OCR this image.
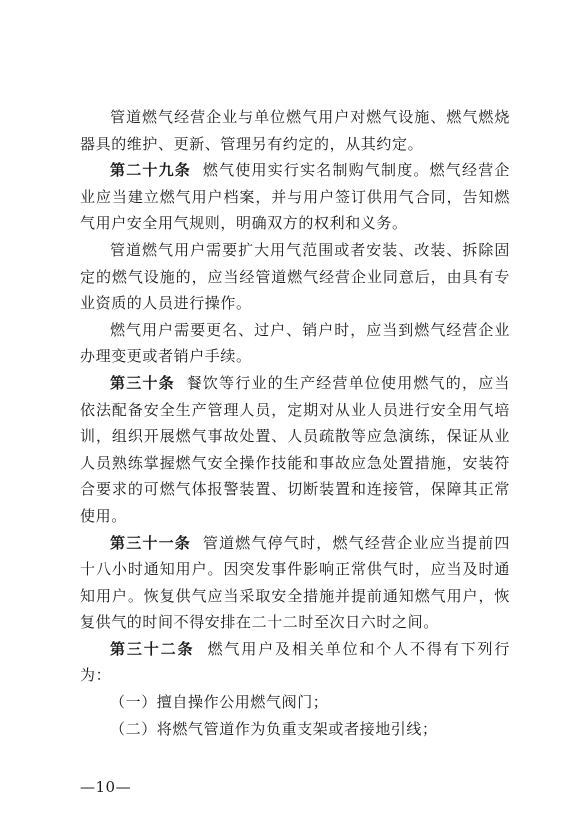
管道燃气经营企业与单位燃气用户对燃气设施、燃气燃烧器具的维护、更新、管理另有约定的，从其约定。

第二十九条 燃气使用实行实名制购气制度。燃气经营企业应当建立燃气用户档案，并与用户签订供用气合同，告知燃气用户安全用气规则，明确双方的权利和义务。

管道燃气用户需要扩大用气范围或者安装、改装、拆除固定的燃气设施的，应当经管道燃气经营企业同意后，由具有专业资质的人员进行操作。

燃气用户需要更名、过户、销户时，应当到燃气经营企业办理变更或者销户手续。

第三十条 餐饮等行业的生产经营单位使用燃气的，应当依法配备安全生产管理人员，定期对从业人员进行安全用气培训，组织开展燃气事故处置、人员疏散等应急演练，保证从业人员熟练掌握燃气安全操作技能和事故应急处置措施，安装符合要求的可燃气体报警装置、切断装置和连接管，保障其正常使用。

第三十一条 管道燃气停气时，燃气经营企业应当提前四十八小时通知用户。因突发事件影响正常供气时，应当及时通知用户。恢复供气应当采取安全措施并提前通知燃气用户，恢复供气的时间不得安排在二十二时至次日六时之间。

第三十二条 燃气用户及相关单位和个人不得有下列行为：

（一）擅自操作公用燃气阀门；

（二）将燃气管道作为负重支架或者接地引线；

—10—
